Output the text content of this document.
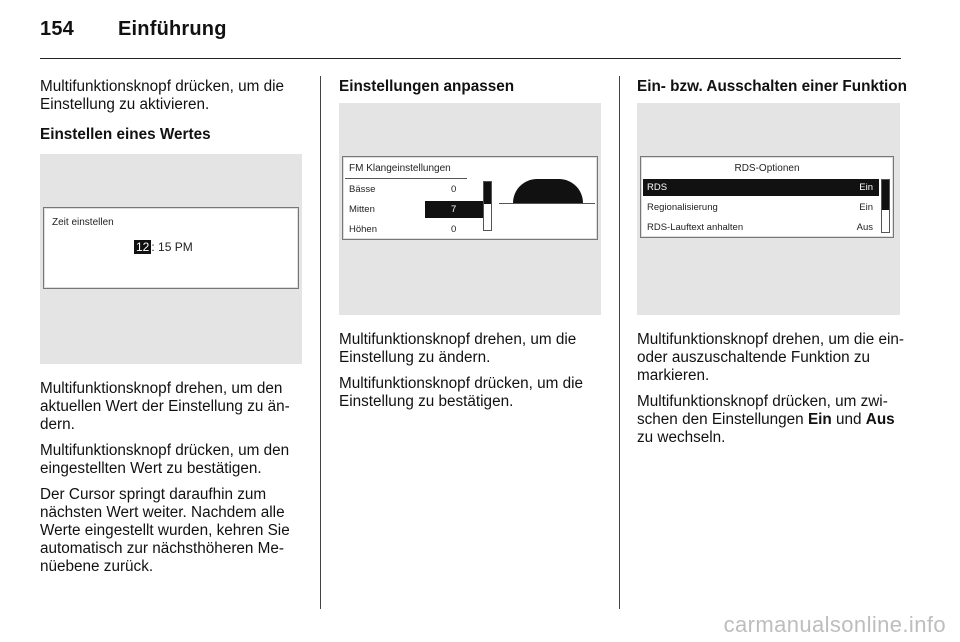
154 Einführung

Multifunktionsknopf drücken, um die Einstellung zu aktivieren.

Einstellen eines Wertes
Zeit einstellen
12 : 15 PM

Multifunktionsknopf drehen, um den aktuellen Wert der Einstellung zu än-dern.

Multifunktionsknopf drücken, um den eingestellten Wert zu bestätigen.

Der Cursor springt daraufhin zum nächsten Wert weiter. Nachdem alle Werte eingestellt wurden, kehren Sie automatisch zur nächsthöheren Me-nüebene zurück.

Einstellungen anpassen
FM Klangeinstellungen
Bässe	0
Mitten	7
Höhen	0

Multifunktionsknopf drehen, um die Einstellung zu ändern.

Multifunktionsknopf drücken, um die Einstellung zu bestätigen.

Ein- bzw. Ausschalten einer Funktion
RDS-Optionen
RDS	Ein
Regionalisierung	Ein
RDS-Lauftext anhalten	Aus

Multifunktionsknopf drehen, um die ein- oder auszuschaltende Funktion zu markieren.

Multifunktionsknopf drücken, um zwi-schen den Einstellungen Ein und Aus zu wechseln.

carmanualsonline.info
